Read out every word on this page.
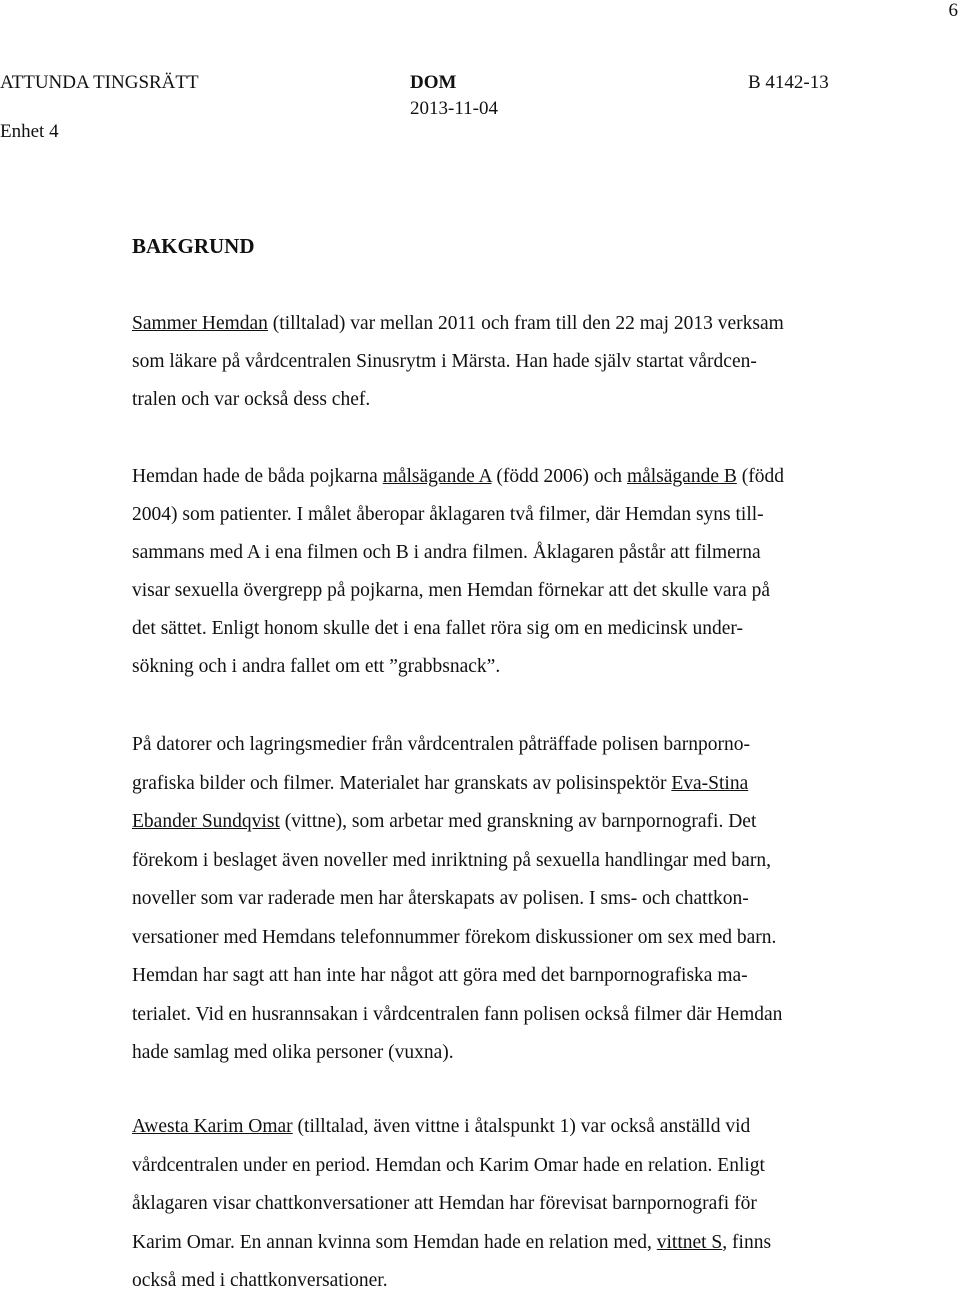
6
ATTUNDA TINGSRÄTT
Enhet 4
DOM
2013-11-04
B 4142-13
BAKGRUND
Sammer Hemdan (tilltalad) var mellan 2011 och fram till den 22 maj 2013 verksam
som läkare på vårdcentralen Sinusrytm i Märsta. Han hade själv startat vårdcen-
tralen och var också dess chef.
Hemdan hade de båda pojkarna målsägande A (född 2006) och målsägande B (född
2004) som patienter. I målet åberopar åklagaren två filmer, där Hemdan syns till-
sammans med A i ena filmen och B i andra filmen. Åklagaren påstår att filmerna
visar sexuella övergrepp på pojkarna, men Hemdan förnekar att det skulle vara på
det sättet. Enligt honom skulle det i ena fallet röra sig om en medicinsk under-
sökning och i andra fallet om ett ”grabbsnack”.
På datorer och lagringsmedier från vårdcentralen påträffade polisen barnporno-
grafiska bilder och filmer. Materialet har granskats av polisinspektör Eva-Stina
Ebander Sundqvist (vittne), som arbetar med granskning av barnpornografi. Det
förekom i beslaget även noveller med inriktning på sexuella handlingar med barn,
noveller som var raderade men har återskapats av polisen. I sms- och chattkon-
versationer med Hemdans telefonnummer förekom diskussioner om sex med barn.
Hemdan har sagt att han inte har något att göra med det barnpornografiska ma-
terialet. Vid en husrannsakan i vårdcentralen fann polisen också filmer där Hemdan
hade samlag med olika personer (vuxna).
Awesta Karim Omar (tilltalad, även vittne i åtalspunkt 1) var också anställd vid
vårdcentralen under en period. Hemdan och Karim Omar hade en relation. Enligt
åklagaren visar chattkonversationer att Hemdan har förevisat barnpornografi för
Karim Omar. En annan kvinna som Hemdan hade en relation med, vittnet S, finns
också med i chattkonversationer.
